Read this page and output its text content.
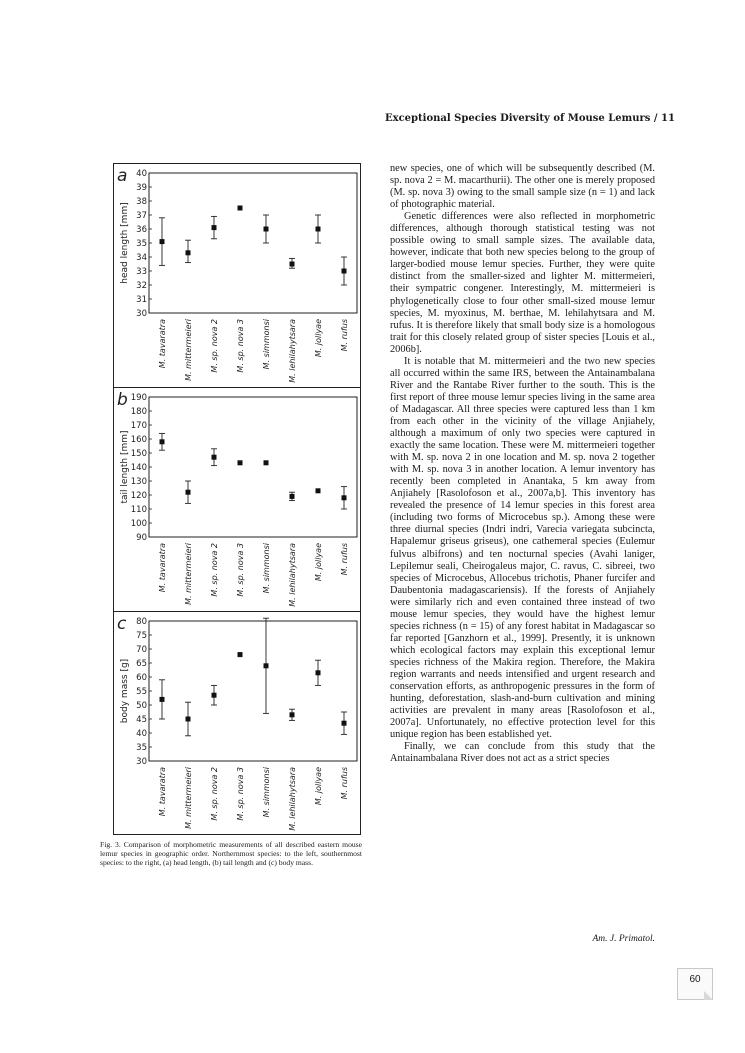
Exceptional Species Diversity of Mouse Lemurs / 11
a
head length [mm]
30
31
32
33
34
35
36
37
38
39
40
M. tavaratra M. mittermeieri M. sp. nova 2 M. sp. nova 3 M. simmonsi M. lehilahytsara M. jollyae M. rufus
b
tail length [mm]
90
100
110
120
130
140
150
160
170
180
190
M. tavaratra M. mittermeieri M. sp. nova 2 M. sp. nova 3 M. simmonsi M. lehilahytsara M. jollyae M. rufus
c
body mass [g]
30
35
40
45
50
55
60
65
70
75
80
M. tavaratra M. mittermeieri M. sp. nova 2 M. sp. nova 3 M. simmonsi M. lehilahytsara M. jollyae M. rufus
Fig. 3. Comparison of morphometric measurements of all described eastern mouse lemur species in geographic order. Northernmost species: to the left, southernmost species: to the right, (a) head length, (b) tail length and (c) body mass.

new species, one of which will be subsequently described (M. sp. nova 2 = M. macarthurii). The other one is merely proposed (M. sp. nova 3) owing to the small sample size (n = 1) and lack of photographic material.

Genetic differences were also reflected in morphometric differences, although thorough statistical testing was not possible owing to small sample sizes. The available data, however, indicate that both new species belong to the group of larger-bodied mouse lemur species. Further, they were quite distinct from the smaller-sized and lighter M. mittermeieri, their sympatric congener. Interestingly, M. mittermeieri is phylogenetically close to four other small-sized mouse lemur species, M. myoxinus, M. berthae, M. lehilahytsara and M. rufus. It is therefore likely that small body size is a homologous trait for this closely related group of sister species [Louis et al., 2006b].

It is notable that M. mittermeieri and the two new species all occurred within the same IRS, between the Antainambalana River and the Rantabe River further to the south. This is the first report of three mouse lemur species living in the same area of Madagascar. All three species were captured less than 1 km from each other in the vicinity of the village Anjiahely, although a maximum of only two species were captured in exactly the same location. These were M. mittermeieri together with M. sp. nova 2 in one location and M. sp. nova 2 together with M. sp. nova 3 in another location. A lemur inventory has recently been completed in Anantaka, 5 km away from Anjiahely [Rasolofoson et al., 2007a,b]. This inventory has revealed the presence of 14 lemur species in this forest area (including two forms of Microcebus sp.). Among these were three diurnal species (Indri indri, Varecia variegata subcincta, Hapalemur griseus griseus), one cathemeral species (Eulemur fulvus albifrons) and ten nocturnal species (Avahi laniger, Lepilemur seali, Cheirogaleus major, C. ravus, C. sibreei, two species of Microcebus, Allocebus trichotis, Phaner furcifer and Daubentonia madagascariensis). If the forests of Anjiahely were similarly rich and even contained three instead of two mouse lemur species, they would have the highest lemur species richness (n = 15) of any forest habitat in Madagascar so far reported [Ganzhorn et al., 1999]. Presently, it is unknown which ecological factors may explain this exceptional lemur species richness of the Makira region. Therefore, the Makira region warrants and needs intensified and urgent research and conservation efforts, as anthropogenic pressures in the form of hunting, deforestation, slash-and-burn cultivation and mining activities are prevalent in many areas [Rasolofoson et al., 2007a]. Unfortunately, no effective protection level for this unique region has been established yet.

Finally, we can conclude from this study that the Antainambalana River does not act as a strict species

Am. J. Primatol.
60
